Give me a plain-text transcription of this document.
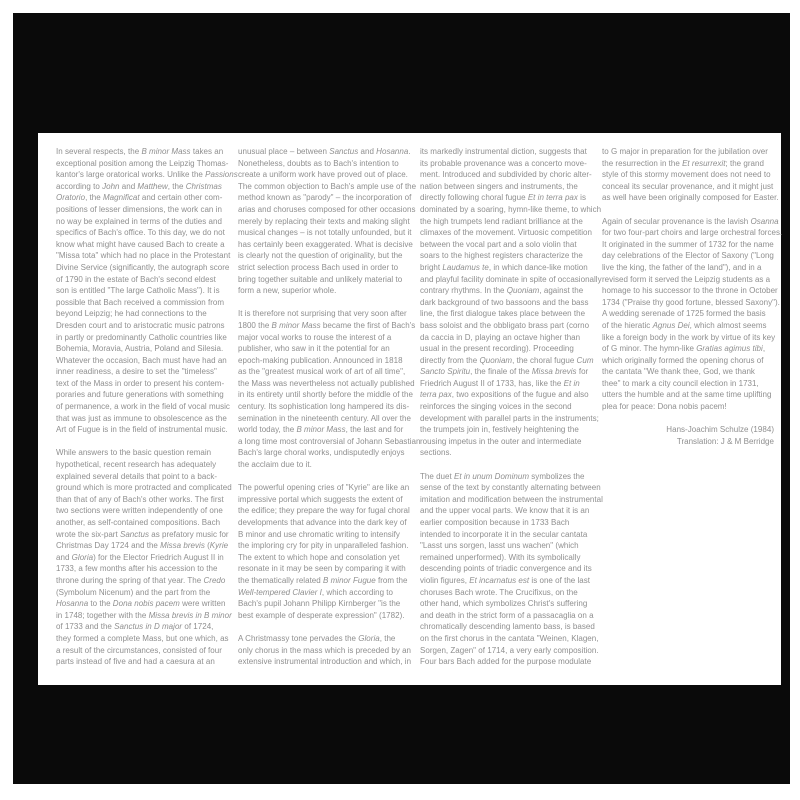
In several respects, the B minor Mass takes an
exceptional position among the Leipzig Thomas-
kantor's large oratorical works. Unlike the Passions
according to John and Matthew, the Christmas
Oratorio, the Magnificat and certain other com-
positions of lesser dimensions, the work can in
no way be explained in terms of the duties and
specifics of Bach's office. To this day, we do not
know what might have caused Bach to create a
"Missa tota" which had no place in the Protestant
Divine Service (significantly, the autograph score
of 1790 in the estate of Bach's second eldest
son is entitled "The large Catholic Mass"). It is
possible that Bach received a commission from
beyond Leipzig; he had connections to the
Dresden court and to aristocratic music patrons
in partly or predominantly Catholic countries like
Bohemia, Moravia, Austria, Poland and Silesia.
Whatever the occasion, Bach must have had an
inner readiness, a desire to set the "timeless"
text of the Mass in order to present his contem-
poraries and future generations with something
of permanence, a work in the field of vocal music
that was just as immune to obsolescence as the
Art of Fugue is in the field of instrumental music.

While answers to the basic question remain
hypothetical, recent research has adequately
explained several details that point to a back-
ground which is more protracted and complicated
than that of any of Bach's other works. The first
two sections were written independently of one
another, as self-contained compositions. Bach
wrote the six-part Sanctus as prefatory music for
Christmas Day 1724 and the Missa brevis (Kyrie
and Gloria) for the Elector Friedrich August II in
1733, a few months after his accession to the
throne during the spring of that year. The Credo
(Symbolum Nicenum) and the part from the
Hosanna to the Dona nobis pacem were written
in 1748; together with the Missa brevis in B minor
of 1733 and the Sanctus in D major of 1724,
they formed a complete Mass, but one which, as
a result of the circumstances, consisted of four
parts instead of five and had a caesura at an

unusual place – between Sanctus and Hosanna.
Nonetheless, doubts as to Bach's intention to
create a uniform work have proved out of place.
The common objection to Bach's ample use of the
method known as "parody" – the incorporation of
arias and choruses composed for other occasions
merely by replacing their texts and making slight
musical changes – is not totally unfounded, but it
has certainly been exaggerated. What is decisive
is clearly not the question of originality, but the
strict selection process Bach used in order to
bring together suitable and unlikely material to
form a new, superior whole.

It is therefore not surprising that very soon after
1800 the B minor Mass became the first of Bach's
major vocal works to rouse the interest of a
publisher, who saw in it the potential for an
epoch-making publication. Announced in 1818
as the "greatest musical work of art of all time",
the Mass was nevertheless not actually published
in its entirety until shortly before the middle of the
century. Its sophistication long hampered its dis-
semination in the nineteenth century. All over the
world today, the B minor Mass, the last and for
a long time most controversial of Johann Sebastian
Bach's large choral works, undisputedly enjoys
the acclaim due to it.

The powerful opening cries of "Kyrie" are like an
impressive portal which suggests the extent of
the edifice; they prepare the way for fugal choral
developments that advance into the dark key of
B minor and use chromatic writing to intensify
the imploring cry for pity in unparalleled fashion.
The extent to which hope and consolation yet
resonate in it may be seen by comparing it with
the thematically related B minor Fugue from the
Well-tempered Clavier I, which according to
Bach's pupil Johann Philipp Kirnberger "is the
best example of desperate expression" (1782).

A Christmassy tone pervades the Gloria, the
only chorus in the mass which is preceded by an
extensive instrumental introduction and which, in

its markedly instrumental diction, suggests that
its probable provenance was a concerto move-
ment. Introduced and subdivided by choric alter-
nation between singers and instruments, the
directly following choral fugue Et in terra pax is
dominated by a soaring, hymn-like theme, to which
the high trumpets lend radiant brilliance at the
climaxes of the movement. Virtuosic competition
between the vocal part and a solo violin that
soars to the highest registers characterize the
bright Laudamus te, in which dance-like motion
and playful facility dominate in spite of occasionally
contrary rhythms. In the Quoniam, against the
dark background of two bassoons and the bass
line, the first dialogue takes place between the
bass soloist and the obbligato brass part (corno
da caccia in D, playing an octave higher than
usual in the present recording). Proceeding
directly from the Quoniam, the choral fugue Cum
Sancto Spiritu, the finale of the Missa brevis for
Friedrich August II of 1733, has, like the Et in
terra pax, two expositions of the fugue and also
reinforces the singing voices in the second
development with parallel parts in the instruments;
the trumpets join in, festively heightening the
rousing impetus in the outer and intermediate
sections.

The duet Et in unum Dominum symbolizes the
sense of the text by constantly alternating between
imitation and modification between the instrumental
and the upper vocal parts. We know that it is an
earlier composition because in 1733 Bach
intended to incorporate it in the secular cantata
"Lasst uns sorgen, lasst uns wachen" (which
remained unperformed). With its symbolically
descending points of triadic convergence and its
violin figures, Et incarnatus est is one of the last
choruses Bach wrote. The Crucifixus, on the
other hand, which symbolizes Christ's suffering
and death in the strict form of a passacaglia on a
chromatically descending lamento bass, is based
on the first chorus in the cantata "Weinen, Klagen,
Sorgen, Zagen" of 1714, a very early composition.
Four bars Bach added for the purpose modulate

to G major in preparation for the jubilation over
the resurrection in the Et resurrexit; the grand
style of this stormy movement does not need to
conceal its secular provenance, and it might just
as well have been originally composed for Easter.

Again of secular provenance is the lavish Osanna
for two four-part choirs and large orchestral forces.
It originated in the summer of 1732 for the name
day celebrations of the Elector of Saxony ("Long
live the king, the father of the land"), and in a
revised form it served the Leipzig students as a
homage to his successor to the throne in October
1734 ("Praise thy good fortune, blessed Saxony").
A wedding serenade of 1725 formed the basis
of the hieratic Agnus Dei, which almost seems
like a foreign body in the work by virtue of its key
of G minor. The hymn-like Gratias agimus tibi,
which originally formed the opening chorus of
the cantata "We thank thee, God, we thank
thee" to mark a city council election in 1731,
utters the humble and at the same time uplifting
plea for peace: Dona nobis pacem!

Hans-Joachim Schulze (1984)
Translation: J & M Berridge
